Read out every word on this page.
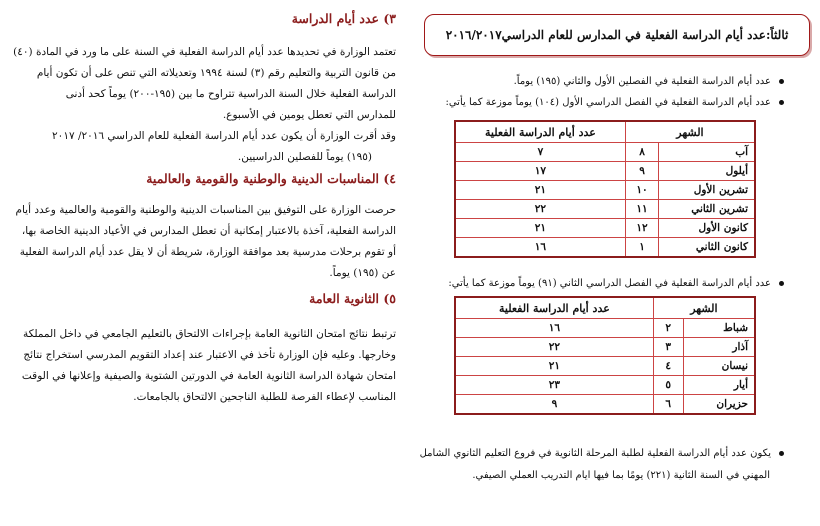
٣) عدد أيام الدراسة
تعتمد الوزارة في تحديدها عدد أيام الدراسة الفعلية في السنة على ما ورد في المادة (٤٠)
من قانون التربية والتعليم رقم (٣) لسنة ١٩٩٤ وتعديلاته التي تنص على أن تكون أيام
الدراسة الفعلية خلال السنة الدراسية تتراوح ما بين (١٩٥-٢٠٠) يوماً كحد أدنى
للمدارس التي تعطل يومين في الأسبوع.
وقد أقرت الوزارة أن يكون عدد أيام الدراسة الفعلية للعام الدراسي ٢٠١٦/ ٢٠١٧
(١٩٥) يوماً للفصلين الدراسيين.
٤) المناسبات الدينية والوطنية والقومية والعالمية
حرصت الوزارة على التوفيق بين المناسبات الدينية والوطنية والقومية والعالمية وعدد أيام
الدراسة الفعلية، آخذة بالاعتبار إمكانية أن تعطل المدارس في الأعياد الدينية الخاصة بها،
أو تقوم برحلات مدرسية بعد موافقة الوزارة، شريطة أن لا يقل عدد أيام الدراسة الفعلية
عن (١٩٥) يوماً.
٥) الثانوية العامة
ترتبط نتائج امتحان الثانوية العامة بإجراءات الالتحاق بالتعليم الجامعي في داخل المملكة
وخارجها. وعليه فإن الوزارة تأخذ في الاعتبار عند إعداد التقويم المدرسي استخراج نتائج
امتحان شهادة الدراسة الثانوية العامة في الدورتين الشتوية والصيفية وإعلانها في الوقت
المناسب لإعطاء الفرصة للطلبة الناجحين الالتحاق بالجامعات.
ثالثاً:عدد أيام الدراسة الفعلية في المدارس للعام الدراسي٢٠١٦/٢٠١٧
عدد أيام الدراسة الفعلية في الفصلين الأول والثاني (١٩٥) يوماً.
عدد أيام الدراسة الفعلية في الفصل الدراسي الأول (١٠٤) يوماً موزعة كما يأتي:
الشهر		عدد أيام الدراسة الفعلية
آب	٨	٧
أيلول	٩	١٧
تشرين الأول	١٠	٢١
تشرين الثاني	١١	٢٢
كانون الأول	١٢	٢١
كانون الثاني	١	١٦
عدد أيام الدراسة الفعلية في الفصل الدراسي الثاني (٩١) يوماً موزعة كما يأتي:
الشهر		عدد أيام الدراسة الفعلية
شباط	٢	١٦
آذار	٣	٢٢
نيسان	٤	٢١
أيار	٥	٢٣
حزيران	٦	٩
يكون عدد أيام الدراسة الفعلية لطلبة المرحلة الثانوية في فروع التعليم الثانوي الشامل
المهني في السنة الثانية (٢٢١) يومًا بما فيها ايام التدريب العملي الصيفي.
